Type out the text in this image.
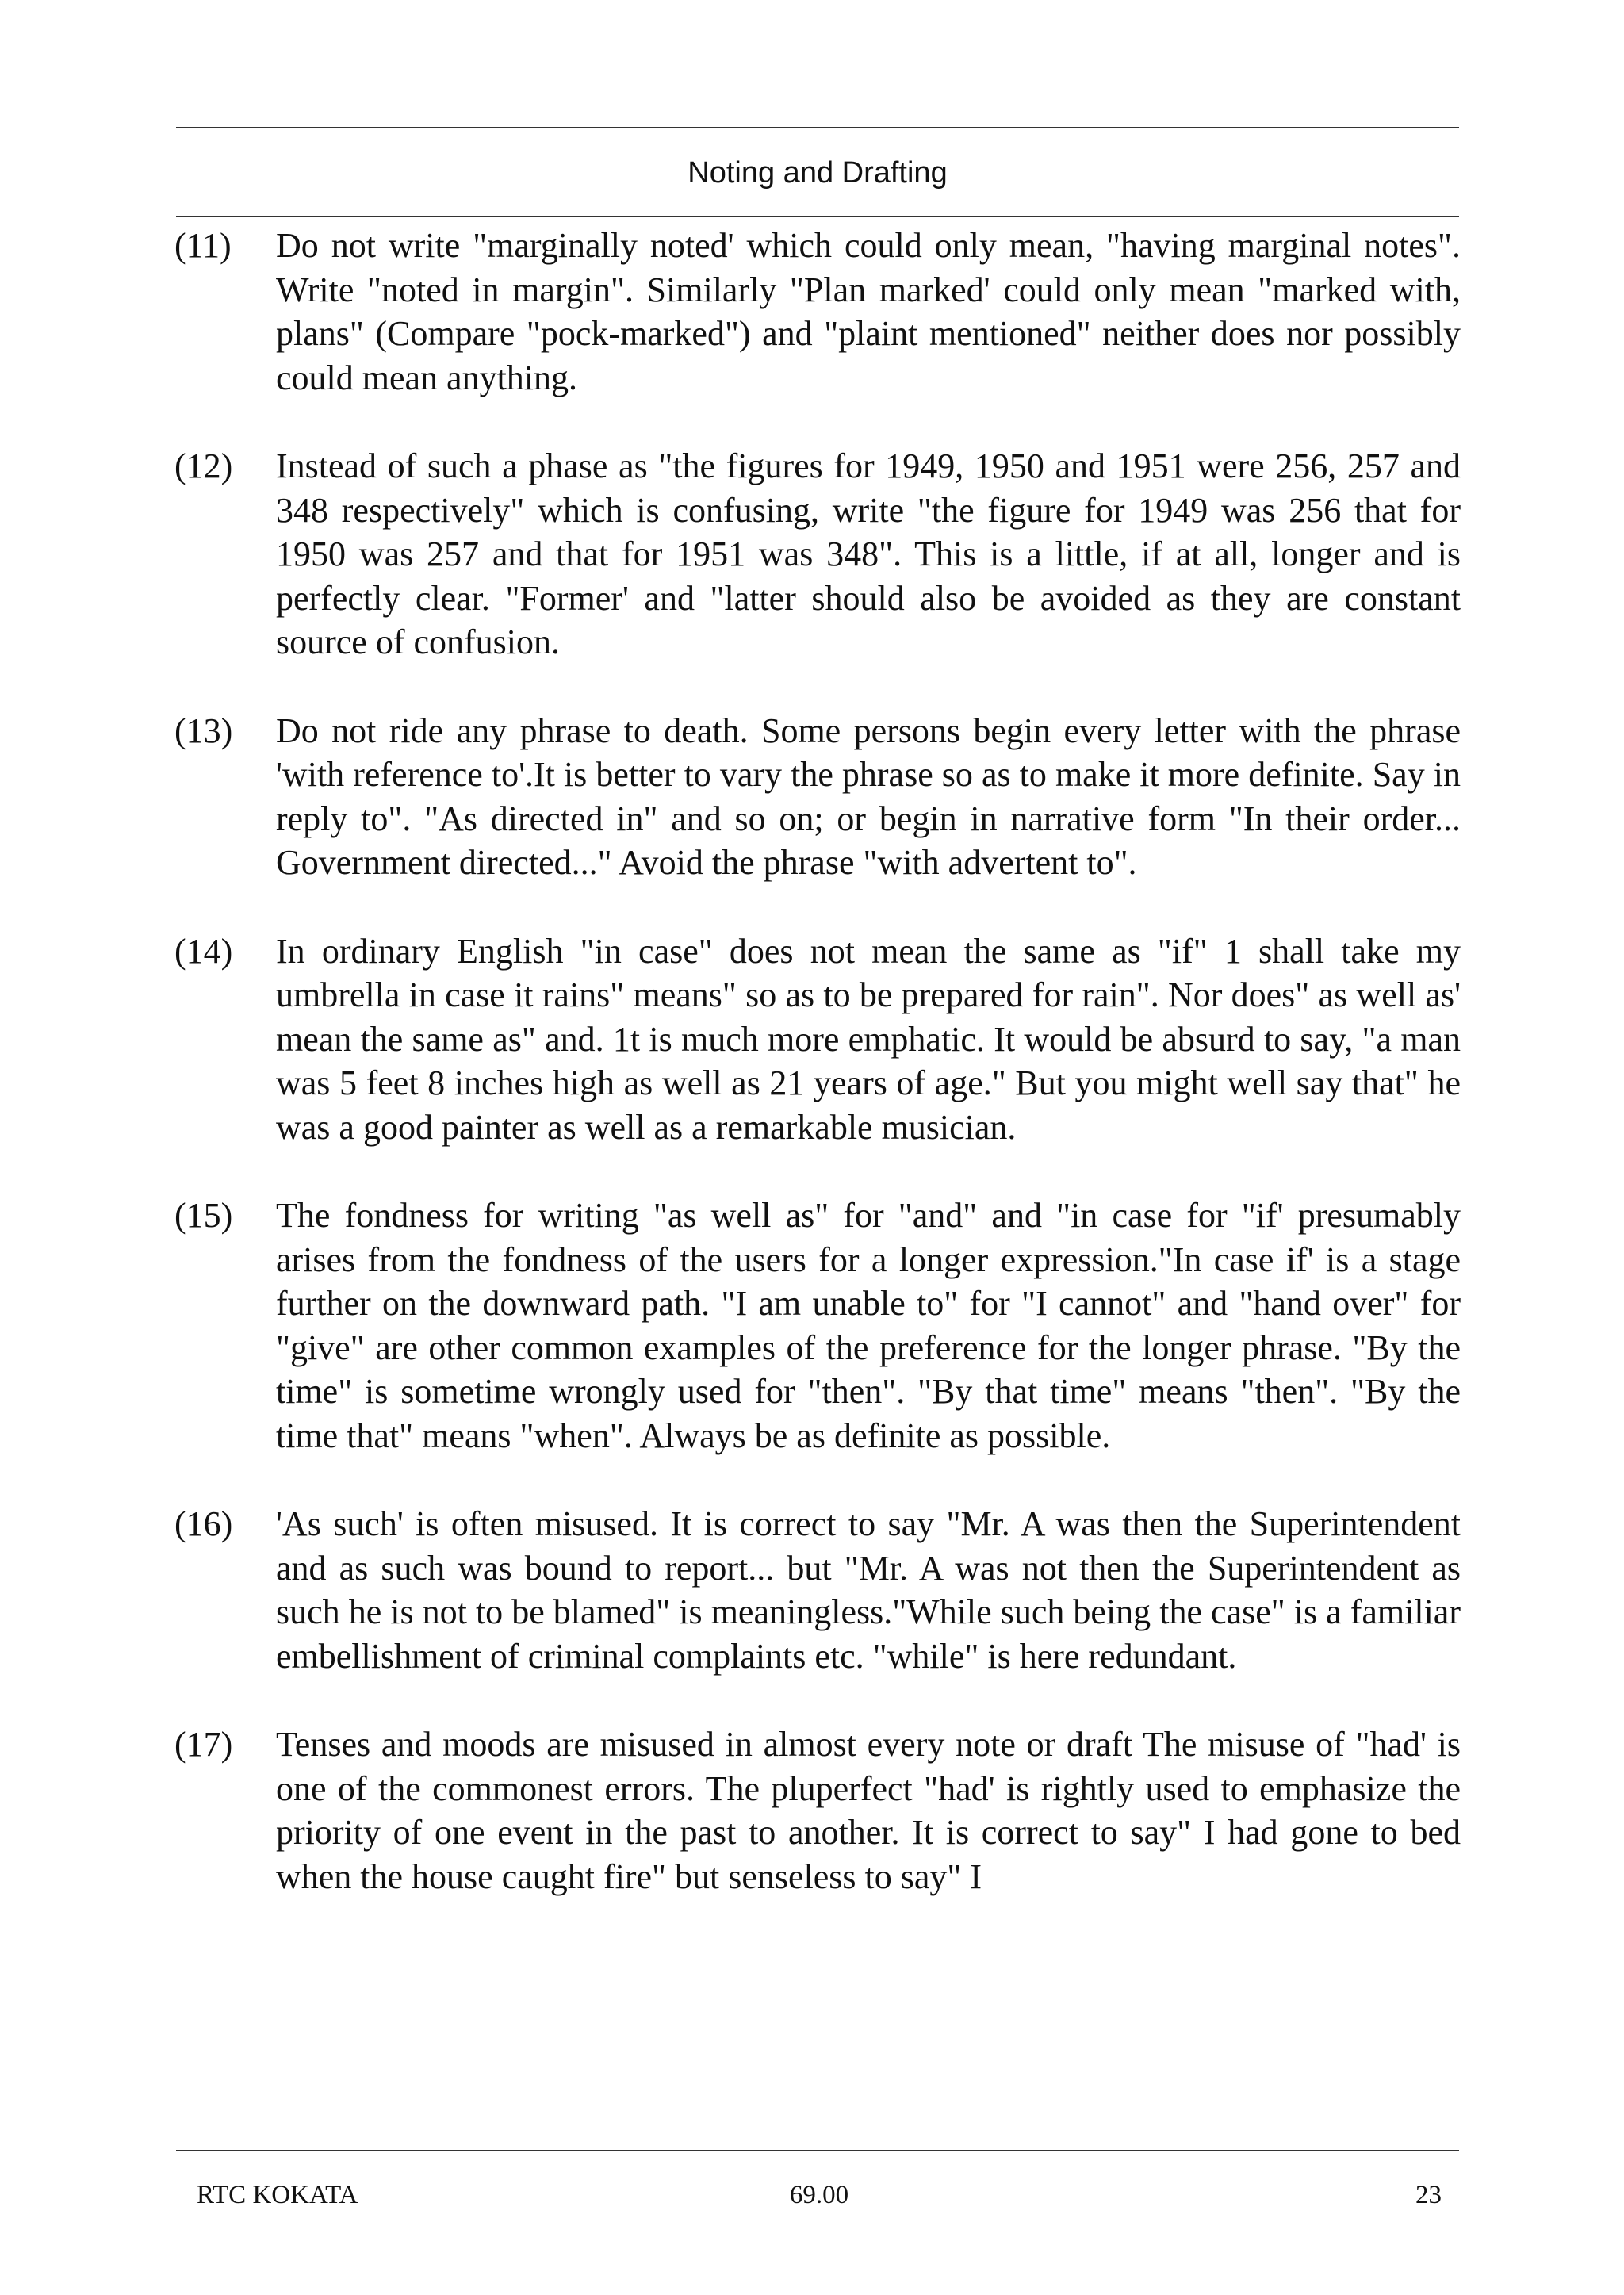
Noting and Drafting
(11)	Do not write "marginally noted' which could only mean, "having marginal notes". Write "noted in margin". Similarly "Plan marked' could only mean "marked with, plans" (Compare "pock-marked") and "plaint mentioned" neither does nor possibly could mean anything.
(12)	Instead of such a phase as "the figures for 1949, 1950 and 1951 were 256, 257 and 348 respectively" which is confusing, write "the figure for 1949 was 256 that for 1950 was 257 and that for 1951 was 348". This is a little, if at all, longer and is perfectly clear. "Former' and "latter should also be avoided as they are constant source of confusion.
(13)	Do not ride any phrase to death. Some persons begin every letter with the phrase 'with reference to'.It is better to vary the phrase so as to make it more definite. Say in reply to". "As directed in" and so on; or begin in narrative form "In their order... Government directed..." Avoid the phrase "with advertent to".
(14)	In ordinary English "in case" does not mean the same as "if" 1 shall take my umbrella in case it rains" means" so as to be prepared for rain". Nor does" as well as' mean the same as" and. 1t is much more emphatic. It would be absurd to say, "a man was 5 feet 8 inches high as well as 21 years of age." But you might well say that" he was a good painter as well as a remarkable musician.
(15)	The fondness for writing "as well as" for "and" and "in case for "if' presumably arises from the fondness of the users for a longer expression."In case if' is a stage further on the downward path. "I am unable to" for "I cannot" and "hand over" for "give" are other common examples of the preference for the longer phrase. "By the time" is sometime wrongly used for "then". "By that time" means "then". "By the time that" means "when". Always be as definite as possible.
(16)	'As such' is often misused. It is correct to say "Mr. A was then the Superintendent and as such was bound to report... but "Mr. A was not then the Superintendent as such he is not to be blamed" is meaningless."While such being the case" is a familiar embellishment of criminal complaints etc. "while" is here redundant.
(17)	Tenses and moods are misused in almost every note or draft The misuse of "had' is one of the commonest errors. The pluperfect "had' is rightly used to emphasize the priority of one event in the past to another. It is correct to say" I had gone to bed when the house caught fire" but senseless to say" I
RTC KOKATA	69.00	23
